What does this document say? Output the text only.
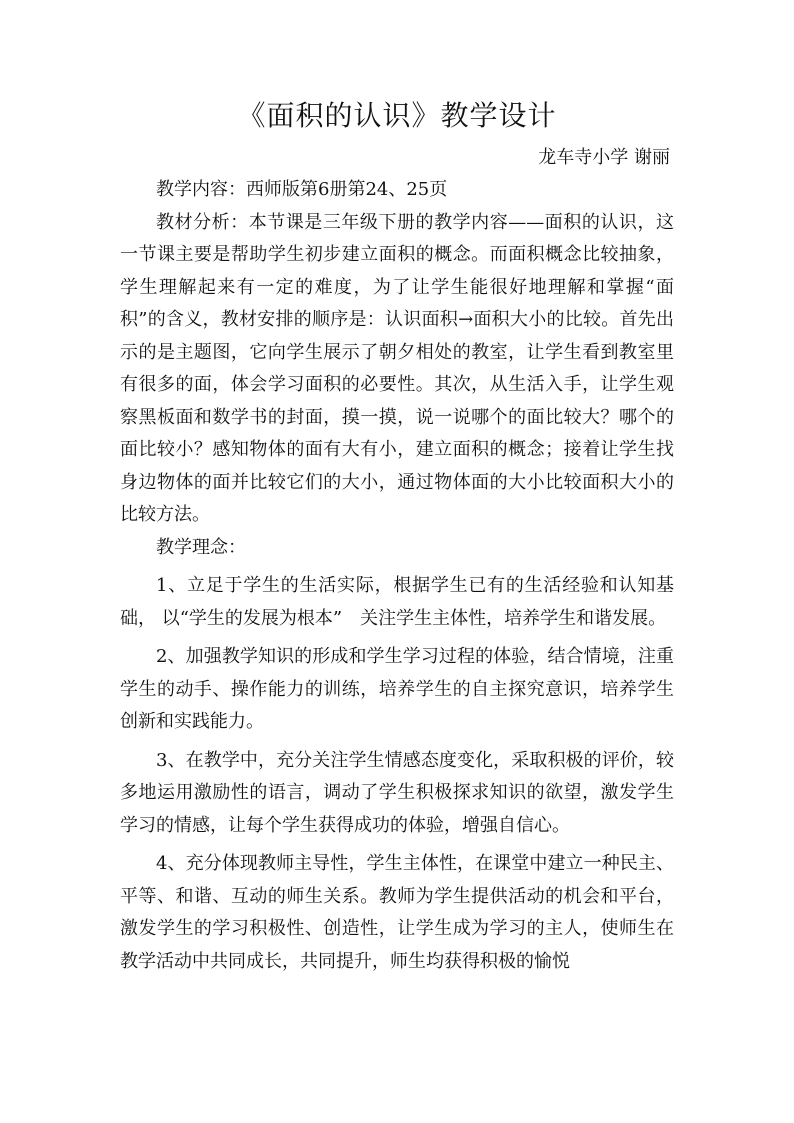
《面积的认识》教学设计

龙车寺小学 谢丽

教学内容：西师版第6册第24、25页

教材分析：本节课是三年级下册的教学内容——面积的认识，这一节课主要是帮助学生初步建立面积的概念。而面积概念比较抽象，学生理解起来有一定的难度，为了让学生能很好地理解和掌握“面积”的含义，教材安排的顺序是：认识面积→面积大小的比较。首先出示的是主题图，它向学生展示了朝夕相处的教室，让学生看到教室里有很多的面，体会学习面积的必要性。其次，从生活入手，让学生观察黑板面和数学书的封面，摸一摸，说一说哪个的面比较大？哪个的面比较小？感知物体的面有大有小，建立面积的概念；接着让学生找身边物体的面并比较它们的大小，通过物体面的大小比较面积大小的比较方法。

教学理念：

1、立足于学生的生活实际，根据学生已有的生活经验和认知基础， 以“学生的发展为根本”　关注学生主体性，培养学生和谐发展。

2、加强教学知识的形成和学生学习过程的体验，结合情境，注重学生的动手、操作能力的训练，培养学生的自主探究意识，培养学生创新和实践能力。

3、在教学中，充分关注学生情感态度变化，采取积极的评价，较多地运用激励性的语言，调动了学生积极探求知识的欲望，激发学生学习的情感，让每个学生获得成功的体验，增强自信心。

4、充分体现教师主导性，学生主体性，在课堂中建立一种民主、平等、和谐、互动的师生关系。教师为学生提供活动的机会和平台，激发学生的学习积极性、创造性，让学生成为学习的主人，使师生在教学活动中共同成长，共同提升，师生均获得积极的愉悦
